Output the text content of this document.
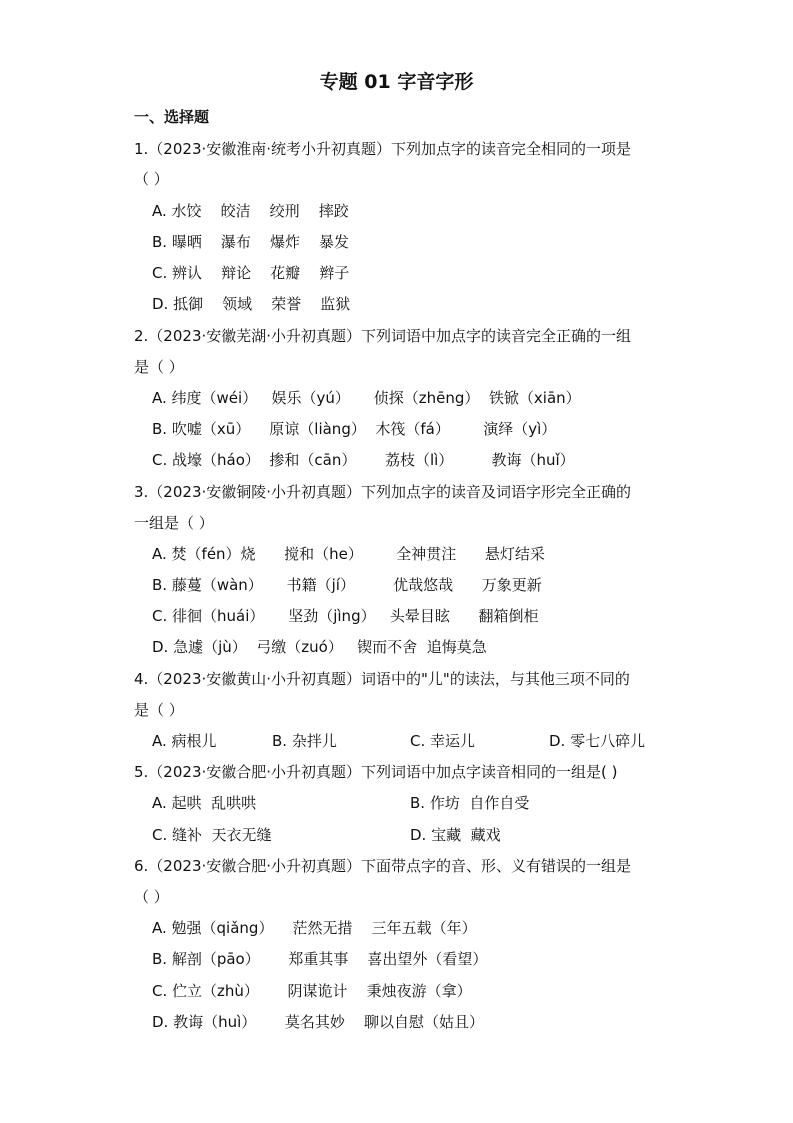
专题 01 字音字形
一、选择题
1.（2023·安徽淮南·统考小升初真题）下列加点字的读音完全相同的一项是
（ ）
A. 水饺    皎洁    绞刑    摔跤
B. 曝晒    瀑布    爆炸    暴发
C. 辨认    辩论    花瓣    辫子
D. 抵御    领域    荣誉    监狱
2.（2023·安徽芜湖·小升初真题）下列词语中加点字的读音完全正确的一组
是（ ）
A. 纬度（wéi）   娱乐（yú）     侦探（zhēng）  铁锨（xiān）
B. 吹嘘（xū）    原谅（liàng）  木筏（fá）       演绎（yì）
C. 战壕（háo）  掺和（cān）      荔枝（lì）        教诲（huǐ）
3.（2023·安徽铜陵·小升初真题）下列加点字的读音及词语字形完全正确的
一组是（ ）
A. 焚（fén）烧      搅和（he）       全神贯注      悬灯结采
B. 藤蔓（wàn）     书籍（jí）        优哉悠哉      万象更新
C. 徘徊（huái）     坚劲（jìng）   头晕目眩      翻箱倒柜
D. 急遽（jù）  弓缴（zuó）   锲而不舍  追悔莫急
4.（2023·安徽黄山·小升初真题）词语中的"儿"的读法，与其他三项不同的
是（ ）
A. 病根儿	B. 杂拌儿	C. 幸运儿	D. 零七八碎儿
5.（2023·安徽合肥·小升初真题）下列词语中加点字读音相同的一组是( )
A. 起哄  乱哄哄	B. 作坊  自作自受
C. 缝补  天衣无缝	D. 宝藏  藏戏
6.（2023·安徽合肥·小升初真题）下面带点字的音、形、义有错误的一组是
（ ）
A. 勉强（qiǎng）    茫然无措    三年五载（年）
B. 解剖（pāo）      郑重其事    喜出望外（看望）
C. 伫立（zhù）      阴谋诡计    秉烛夜游（拿）
D. 教诲（huì）      莫名其妙    聊以自慰（姑且）
